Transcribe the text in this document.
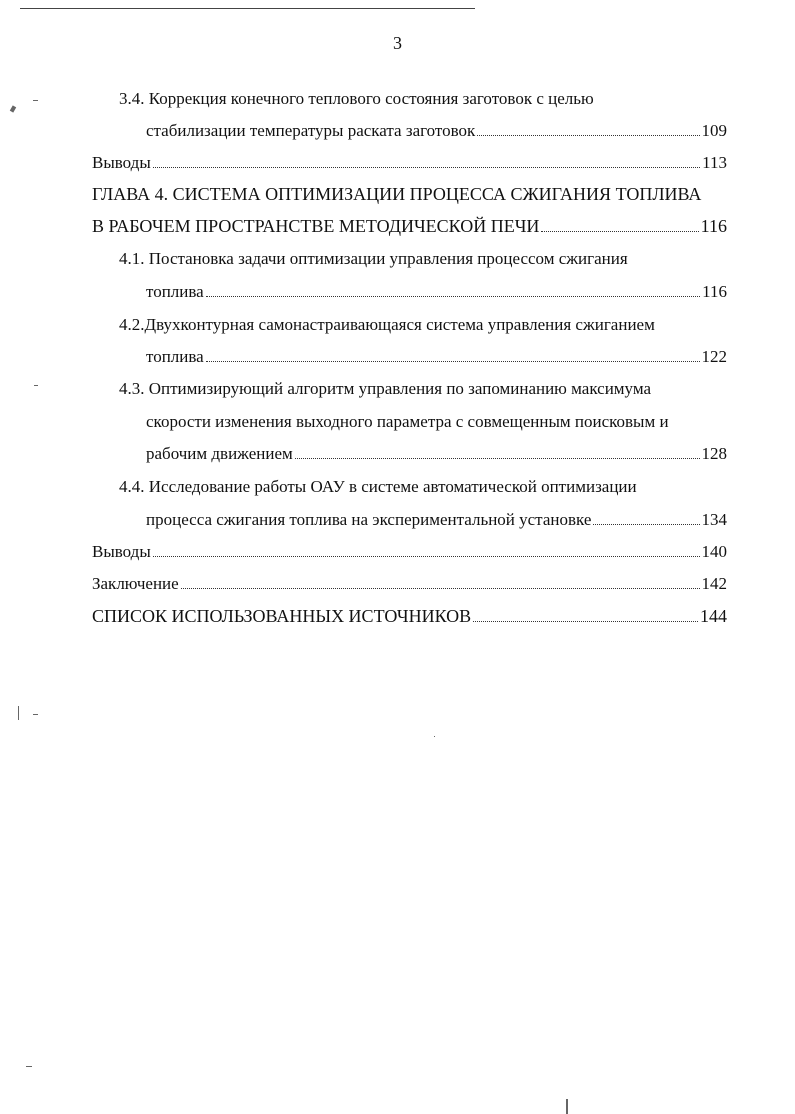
3
3.4. Коррекция конечного теплового состояния заготовок с целью
стабилизации температуры раската заготовок	109
Выводы	113
ГЛАВА 4. СИСТЕМА ОПТИМИЗАЦИИ ПРОЦЕССА СЖИГАНИЯ ТОПЛИВА
В РАБОЧЕМ ПРОСТРАНСТВЕ МЕТОДИЧЕСКОЙ ПЕЧИ	116
4.1. Постановка задачи оптимизации управления процессом сжигания
топлива	116
4.2.Двухконтурная самонастраивающаяся система управления сжиганием
топлива	122
4.3. Оптимизирующий алгоритм управления по запоминанию максимума
скорости изменения выходного параметра с совмещенным поисковым и
рабочим движением	128
4.4. Исследование работы ОАУ в системе автоматической оптимизации
процесса сжигания топлива на экспериментальной установке	134
Выводы	140
Заключение	142
СПИСОК ИСПОЛЬЗОВАННЫХ ИСТОЧНИКОВ	144
